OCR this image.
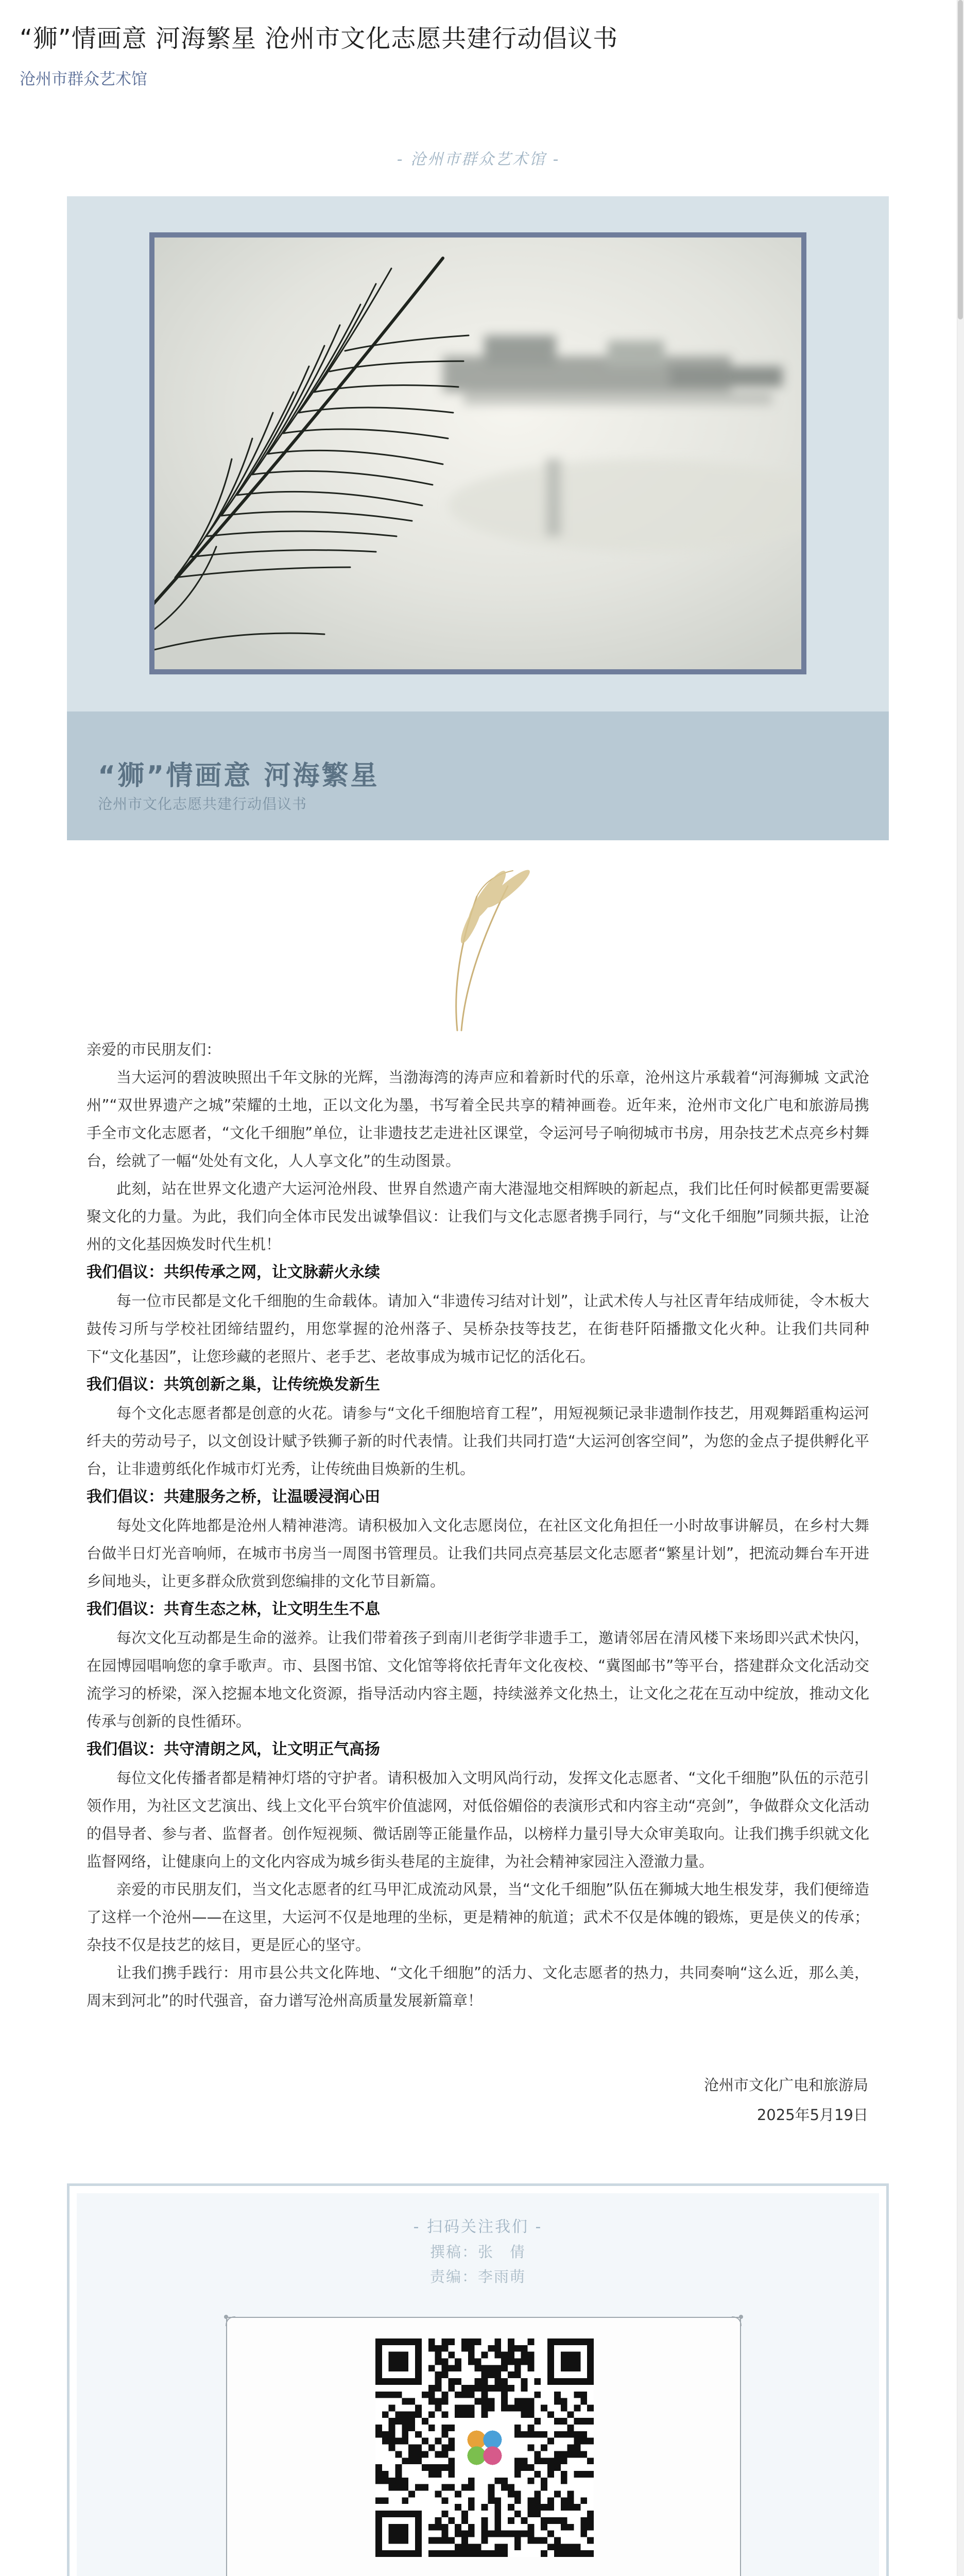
“狮”情画意 河海繁星 沧州市文化志愿共建行动倡议书
沧州市群众艺术馆
- 沧州市群众艺术馆 -
“狮”情画意 河海繁星
沧州市文化志愿共建行动倡议书

亲爱的市民朋友们：

当大运河的碧波映照出千年文脉的光辉，当渤海湾的涛声应和着新时代的乐章，沧州这片承载着“河海狮城 文武沧州”“双世界遗产之城”荣耀的土地，正以文化为墨，书写着全民共享的精神画卷。近年来，沧州市文化广电和旅游局携手全市文化志愿者，“文化千细胞”单位，让非遗技艺走进社区课堂，令运河号子响彻城市书房，用杂技艺术点亮乡村舞台，绘就了一幅“处处有文化，人人享文化”的生动图景。

此刻，站在世界文化遗产大运河沧州段、世界自然遗产南大港湿地交相辉映的新起点，我们比任何时候都更需要凝聚文化的力量。为此，我们向全体市民发出诚挚倡议：让我们与文化志愿者携手同行，与“文化千细胞”同频共振，让沧州的文化基因焕发时代生机！

我们倡议：共织传承之网，让文脉薪火永续

每一位市民都是文化千细胞的生命载体。请加入“非遗传习结对计划”，让武术传人与社区青年结成师徒，令木板大鼓传习所与学校社团缔结盟约，用您掌握的沧州落子、吴桥杂技等技艺，在街巷阡陌播撒文化火种。让我们共同种下“文化基因”，让您珍藏的老照片、老手艺、老故事成为城市记忆的活化石。

我们倡议：共筑创新之巢，让传统焕发新生

每个文化志愿者都是创意的火花。请参与“文化千细胞培育工程”，用短视频记录非遗制作技艺，用观舞蹈重构运河纤夫的劳动号子，以文创设计赋予铁狮子新的时代表情。让我们共同打造“大运河创客空间”，为您的金点子提供孵化平台，让非遗剪纸化作城市灯光秀，让传统曲目焕新的生机。

我们倡议：共建服务之桥，让温暖浸润心田

每处文化阵地都是沧州人精神港湾。请积极加入文化志愿岗位，在社区文化角担任一小时故事讲解员，在乡村大舞台做半日灯光音响师，在城市书房当一周图书管理员。让我们共同点亮基层文化志愿者“繁星计划”，把流动舞台车开进乡间地头，让更多群众欣赏到您编排的文化节目新篇。

我们倡议：共育生态之林，让文明生生不息

每次文化互动都是生命的滋养。让我们带着孩子到南川老街学非遗手工，邀请邻居在清风楼下来场即兴武术快闪，在园博园唱响您的拿手歌声。市、县图书馆、文化馆等将依托青年文化夜校、“冀图邮书”等平台，搭建群众文化活动交流学习的桥梁，深入挖掘本地文化资源，指导活动内容主题，持续滋养文化热土，让文化之花在互动中绽放，推动文化传承与创新的良性循环。

我们倡议：共守清朗之风，让文明正气高扬

每位文化传播者都是精神灯塔的守护者。请积极加入文明风尚行动，发挥文化志愿者、“文化千细胞”队伍的示范引领作用，为社区文艺演出、线上文化平台筑牢价值滤网，对低俗媚俗的表演形式和内容主动“亮剑”，争做群众文化活动的倡导者、参与者、监督者。创作短视频、微话剧等正能量作品，以榜样力量引导大众审美取向。让我们携手织就文化监督网络，让健康向上的文化内容成为城乡街头巷尾的主旋律，为社会精神家园注入澄澈力量。

亲爱的市民朋友们，当文化志愿者的红马甲汇成流动风景，当“文化千细胞”队伍在狮城大地生根发芽，我们便缔造了这样一个沧州——在这里，大运河不仅是地理的坐标，更是精神的航道；武术不仅是体魄的锻炼，更是侠义的传承；杂技不仅是技艺的炫目，更是匠心的坚守。

让我们携手践行：用市县公共文化阵地、“文化千细胞”的活力、文化志愿者的热力，共同奏响“这么近，那么美，周末到河北”的时代强音，奋力谱写沧州高质量发展新篇章！

沧州市文化广电和旅游局
2025年5月19日
- 扫码关注我们 -
撰稿：张　倩
责编：李雨萌
